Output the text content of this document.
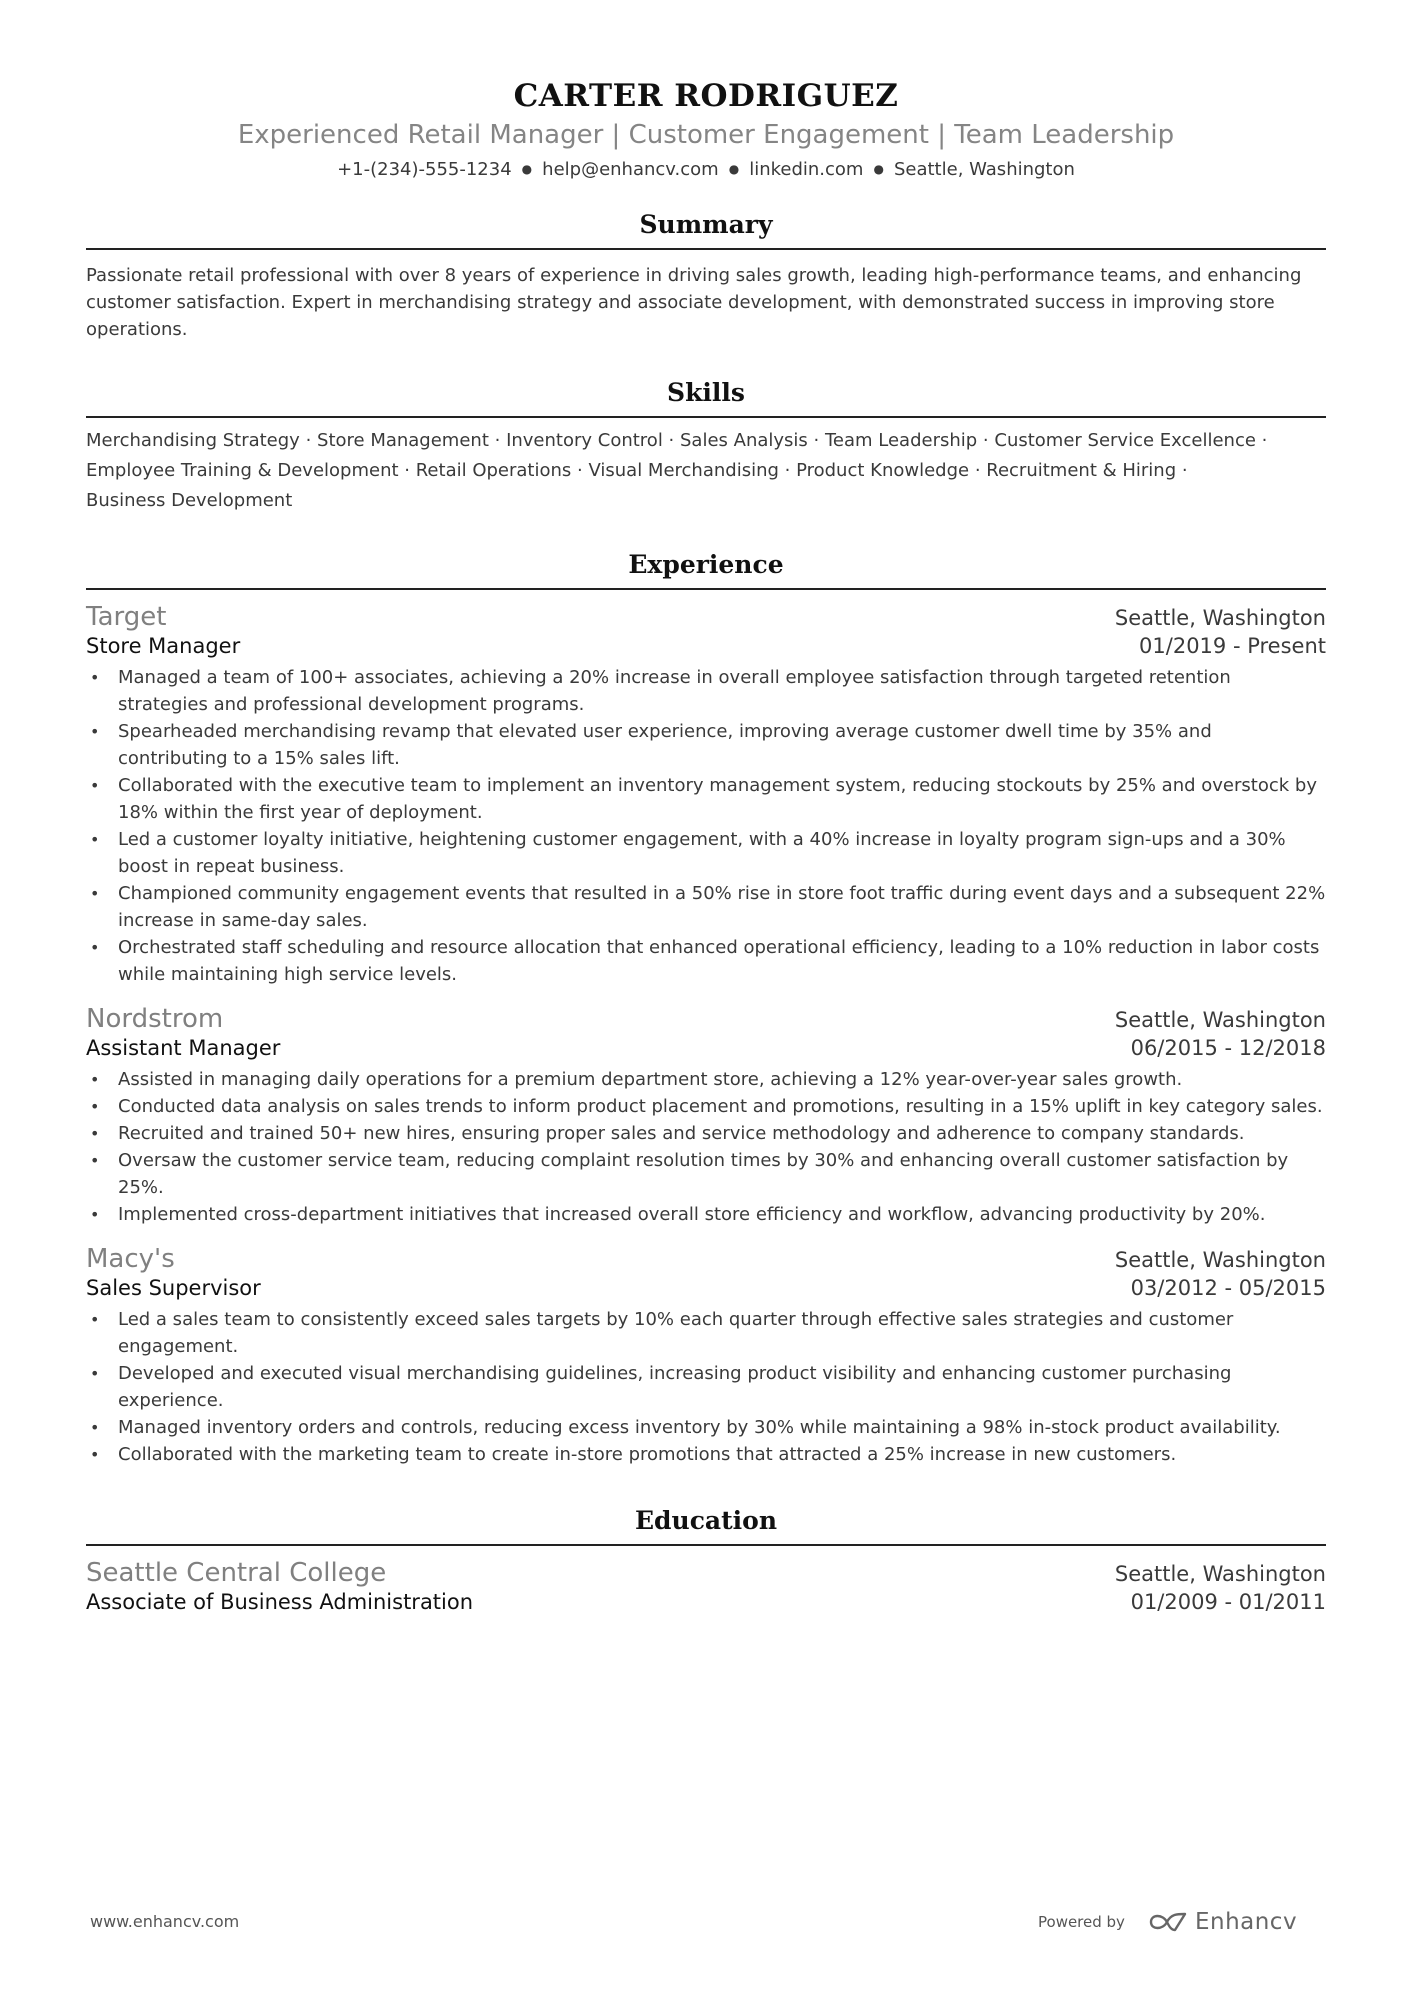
CARTER RODRIGUEZ
Experienced Retail Manager | Customer Engagement | Team Leadership
+1-(234)-555-1234 ● help@enhancv.com ● linkedin.com ● Seattle, Washington
Summary
Passionate retail professional with over 8 years of experience in driving sales growth, leading high-performance teams, and enhancing customer satisfaction. Expert in merchandising strategy and associate development, with demonstrated success in improving store operations.
Skills
Merchandising Strategy · Store Management · Inventory Control · Sales Analysis · Team Leadership · Customer Service Excellence ·
Employee Training & Development · Retail Operations · Visual Merchandising · Product Knowledge · Recruitment & Hiring ·
Business Development
Experience
Target	Seattle, Washington
Store Manager	01/2019 - Present
• Managed a team of 100+ associates, achieving a 20% increase in overall employee satisfaction through targeted retention strategies and professional development programs.
• Spearheaded merchandising revamp that elevated user experience, improving average customer dwell time by 35% and contributing to a 15% sales lift.
• Collaborated with the executive team to implement an inventory management system, reducing stockouts by 25% and overstock by 18% within the first year of deployment.
• Led a customer loyalty initiative, heightening customer engagement, with a 40% increase in loyalty program sign-ups and a 30% boost in repeat business.
• Championed community engagement events that resulted in a 50% rise in store foot traffic during event days and a subsequent 22% increase in same-day sales.
• Orchestrated staff scheduling and resource allocation that enhanced operational efficiency, leading to a 10% reduction in labor costs while maintaining high service levels.
Nordstrom	Seattle, Washington
Assistant Manager	06/2015 - 12/2018
• Assisted in managing daily operations for a premium department store, achieving a 12% year-over-year sales growth.
• Conducted data analysis on sales trends to inform product placement and promotions, resulting in a 15% uplift in key category sales.
• Recruited and trained 50+ new hires, ensuring proper sales and service methodology and adherence to company standards.
• Oversaw the customer service team, reducing complaint resolution times by 30% and enhancing overall customer satisfaction by 25%.
• Implemented cross-department initiatives that increased overall store efficiency and workflow, advancing productivity by 20%.
Macy's	Seattle, Washington
Sales Supervisor	03/2012 - 05/2015
• Led a sales team to consistently exceed sales targets by 10% each quarter through effective sales strategies and customer engagement.
• Developed and executed visual merchandising guidelines, increasing product visibility and enhancing customer purchasing experience.
• Managed inventory orders and controls, reducing excess inventory by 30% while maintaining a 98% in-stock product availability.
• Collaborated with the marketing team to create in-store promotions that attracted a 25% increase in new customers.
Education
Seattle Central College	Seattle, Washington
Associate of Business Administration	01/2009 - 01/2011
www.enhancv.com	Powered by	Enhancv
